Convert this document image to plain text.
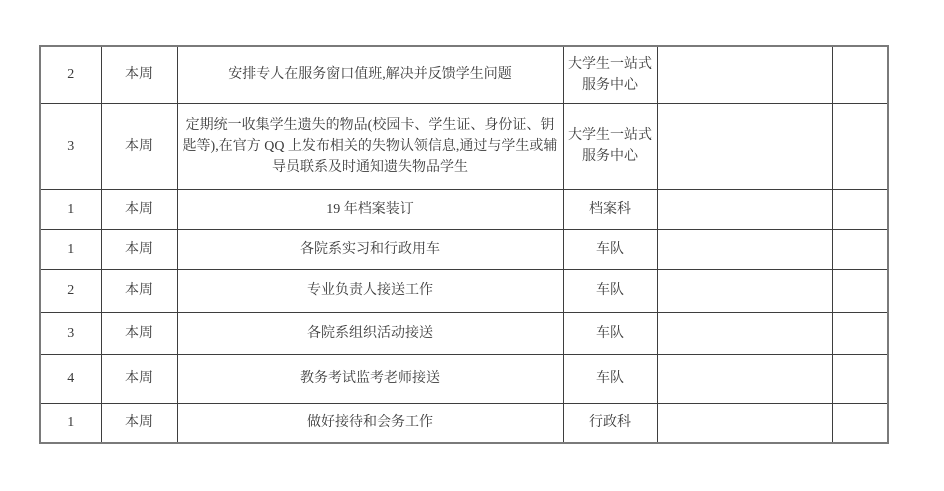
2	本周	安排专人在服务窗口值班,解决并反馈学生问题	大学生一站式服务中心		
3	本周	定期统一收集学生遗失的物品(校园卡、学生证、身份证、钥匙等),在官方 QQ 上发布相关的失物认领信息,通过与学生或辅导员联系及时通知遗失物品学生	大学生一站式服务中心		
1	本周	19 年档案装订	档案科		
1	本周	各院系实习和行政用车	车队		
2	本周	专业负责人接送工作	车队		
3	本周	各院系组织活动接送	车队		
4	本周	教务考试监考老师接送	车队		
1	本周	做好接待和会务工作	行政科		
